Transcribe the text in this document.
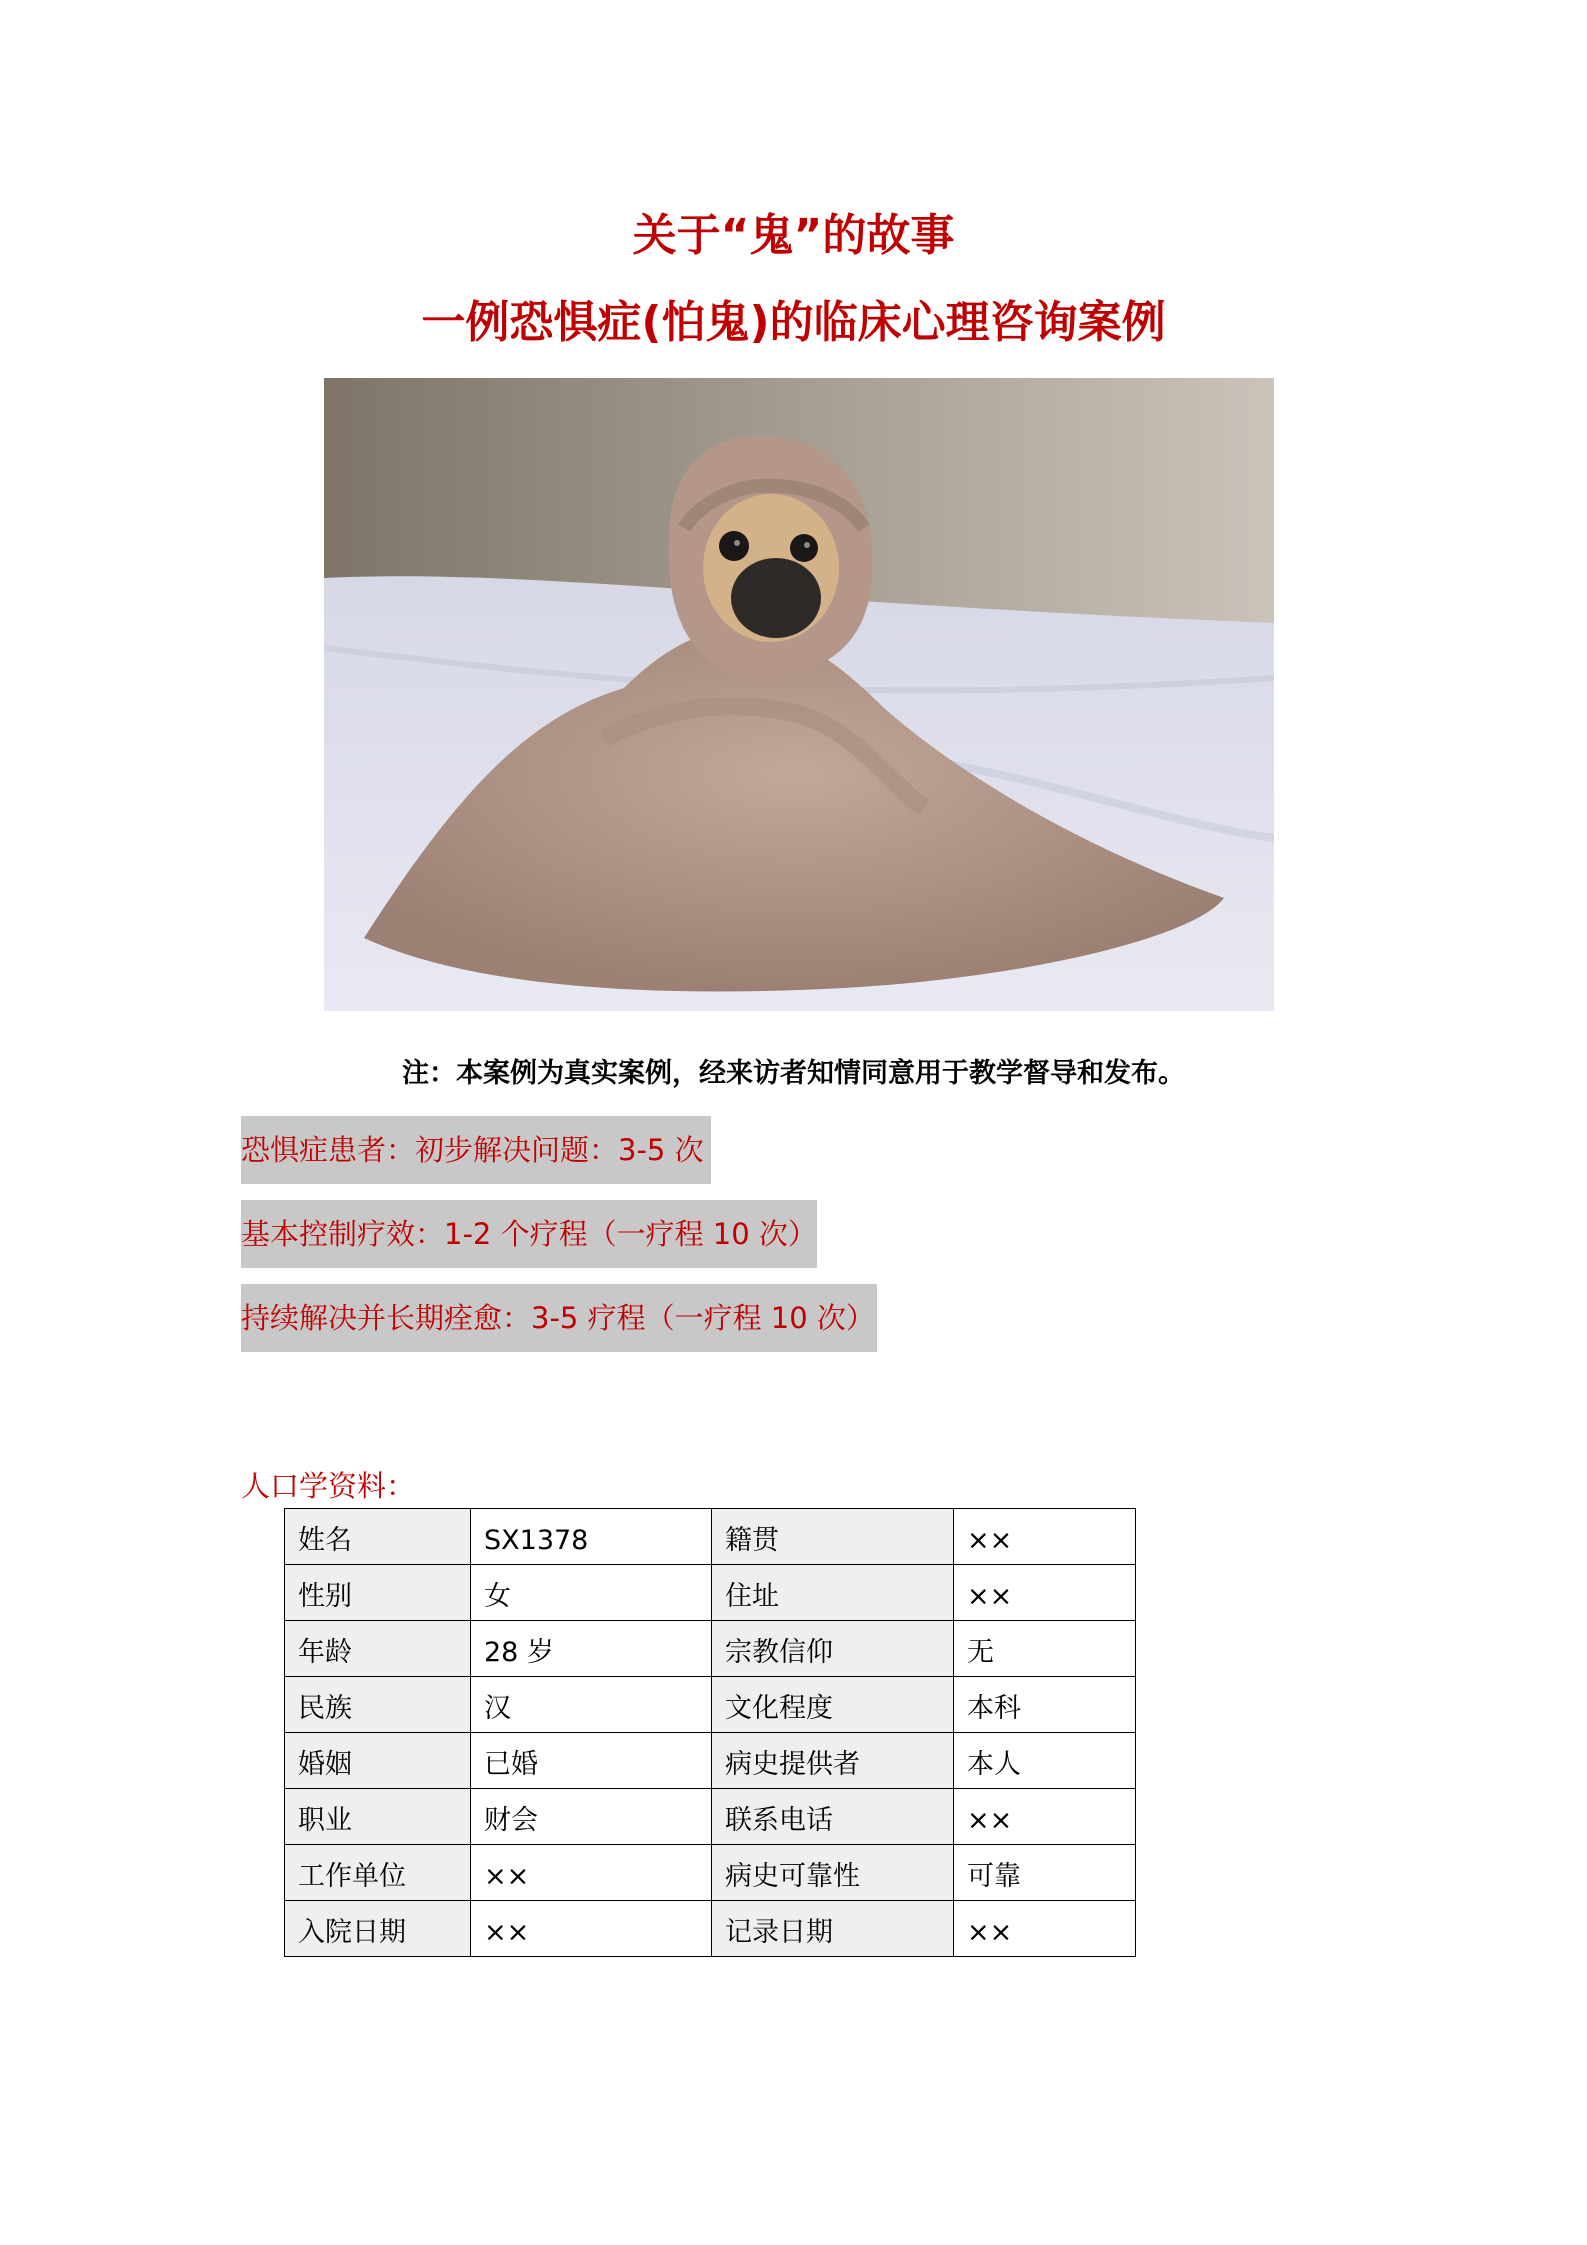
关于“鬼”的故事
一例恐惧症(怕鬼)的临床心理咨询案例
注：本案例为真实案例，经来访者知情同意用于教学督导和发布。
恐惧症患者：初步解决问题：3-5 次
基本控制疗效：1-2 个疗程（一疗程 10 次）
持续解决并长期痊愈：3-5 疗程（一疗程 10 次）
人口学资料：
姓名	SX1378	籍贯	××
性别	女	住址	××
年龄	28 岁	宗教信仰	无
民族	汉	文化程度	本科
婚姻	已婚	病史提供者	本人
职业	财会	联系电话	××
工作单位	××	病史可靠性	可靠
入院日期	××	记录日期	××
